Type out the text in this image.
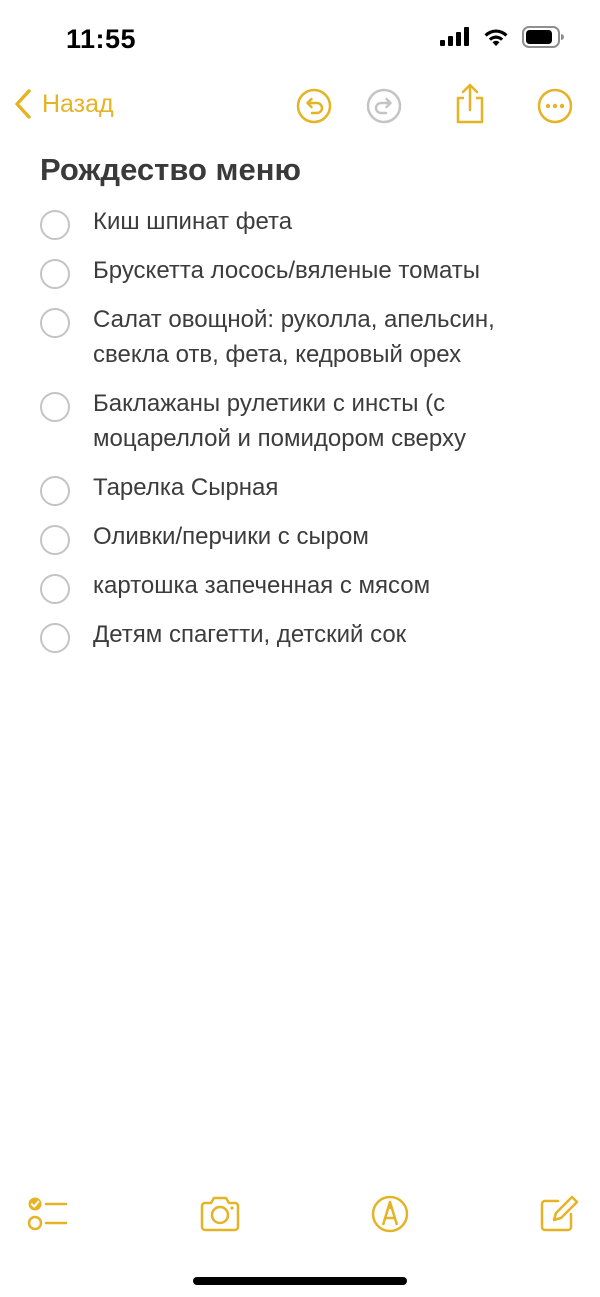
11:55
Назад
Рождество меню
Киш шпинат фета
Брускетта лосось/вяленые томаты
Салат овощной: руколла, апельсин,
свекла отв, фета, кедровый орех
Баклажаны рулетики с инсты (с
моцареллой и помидором сверху
Тарелка Сырная
Оливки/перчики с сыром
картошка запеченная с мясом
Детям спагетти, детский сок
